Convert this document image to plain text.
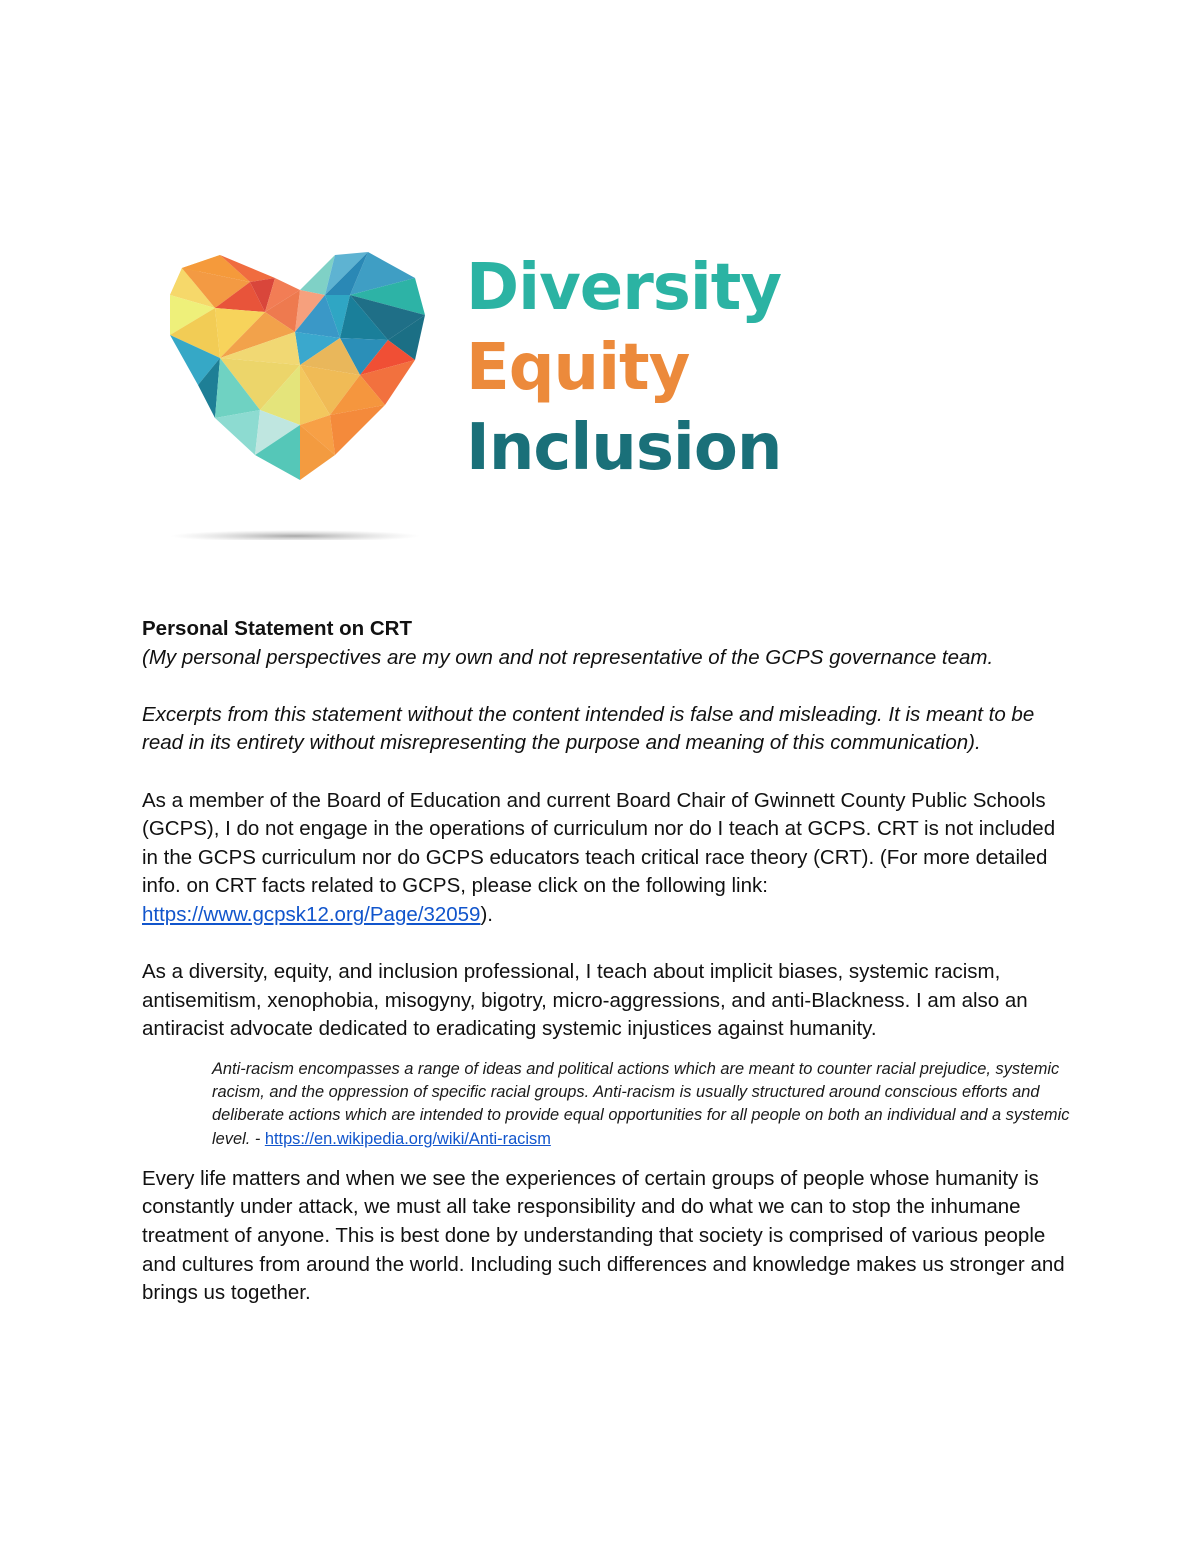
Diversity
Equity
Inclusion

Personal Statement on CRT

(My personal perspectives are my own and not representative of the GCPS governance team.

Excerpts from this statement without the content intended is false and misleading. It is meant to be read in its entirety without misrepresenting the purpose and meaning of this communication).

As a member of the Board of Education and current Board Chair of Gwinnett County Public Schools (GCPS), I do not engage in the operations of curriculum nor do I teach at GCPS. CRT is not included in the GCPS curriculum nor do GCPS educators teach critical race theory (CRT). (For more detailed info. on CRT facts related to GCPS, please click on the following link: https://www.gcpsk12.org/Page/32059).

As a diversity, equity, and inclusion professional, I teach about implicit biases, systemic racism, antisemitism, xenophobia, misogyny, bigotry, micro-aggressions, and anti-Blackness. I am also an antiracist advocate dedicated to eradicating systemic injustices against humanity.

Anti-racism encompasses a range of ideas and political actions which are meant to counter racial prejudice, systemic racism, and the oppression of specific racial groups. Anti-racism is usually structured around conscious efforts and deliberate actions which are intended to provide equal opportunities for all people on both an individual and a systemic level. - https://en.wikipedia.org/wiki/Anti-racism

Every life matters and when we see the experiences of certain groups of people whose humanity is constantly under attack, we must all take responsibility and do what we can to stop the inhumane treatment of anyone. This is best done by understanding that society is comprised of various people and cultures from around the world. Including such differences and knowledge makes us stronger and brings us together.
